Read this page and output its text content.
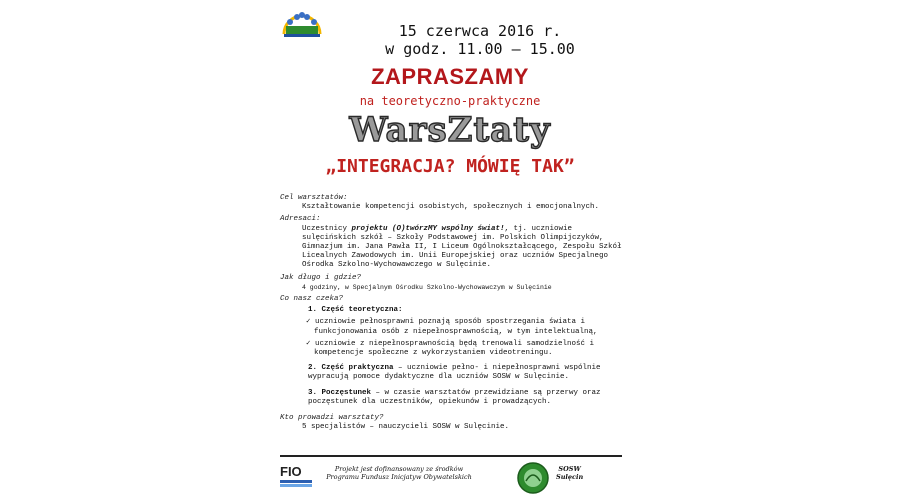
15 czerwca 2016 r.
w godz. 11.00 – 15.00
ZAPRASZAMY
na teoretyczno-praktyczne
WarsZtaty
„INTEGRACJA? MÓWIĘ TAK”
Cel warsztatów:
Kształtowanie kompetencji osobistych, społecznych i emocjonalnych.
Adresaci:
Uczestnicy projektu (O)twórzMY wspólny świat!, tj. uczniowie sulęcińskich szkół – Szkoły Podstawowej im. Polskich Olimpijczyków, Gimnazjum im. Jana Pawła II, I Liceum Ogólnokształcącego, Zespołu Szkół Licealnych Zawodowych im. Unii Europejskiej oraz uczniów Specjalnego Ośrodka Szkolno-Wychowawczego w Sulęcinie.
Jak długo i gdzie?
4 godziny, w Specjalnym Ośrodku Szkolno-Wychowawczym w Sulęcinie
Co nasz czeka?
1. Część teoretyczna:
✓ uczniowie pełnosprawni poznają sposób spostrzegania świata i funkcjonowania osób z niepełnosprawnością, w tym intelektualną,
✓ uczniowie z niepełnosprawnością będą trenowali samodzielność i kompetencje społeczne z wykorzystaniem videotreningu.
2. Część praktyczna – uczniowie pełno- i niepełnosprawni wspólnie wypracują pomoce dydaktyczne dla uczniów SOSW w Sulęcinie.
3. Poczęstunek – w czasie warsztatów przewidziane są przerwy oraz poczęstunek dla uczestników, opiekunów i prowadzących.
Kto prowadzi warsztaty?
5 specjalistów – nauczycieli SOSW w Sulęcinie.
FIO	Projekt jest dofinansowany ze środków Programu Fundusz Inicjatyw Obywatelskich
SOSW
Sulęcin
